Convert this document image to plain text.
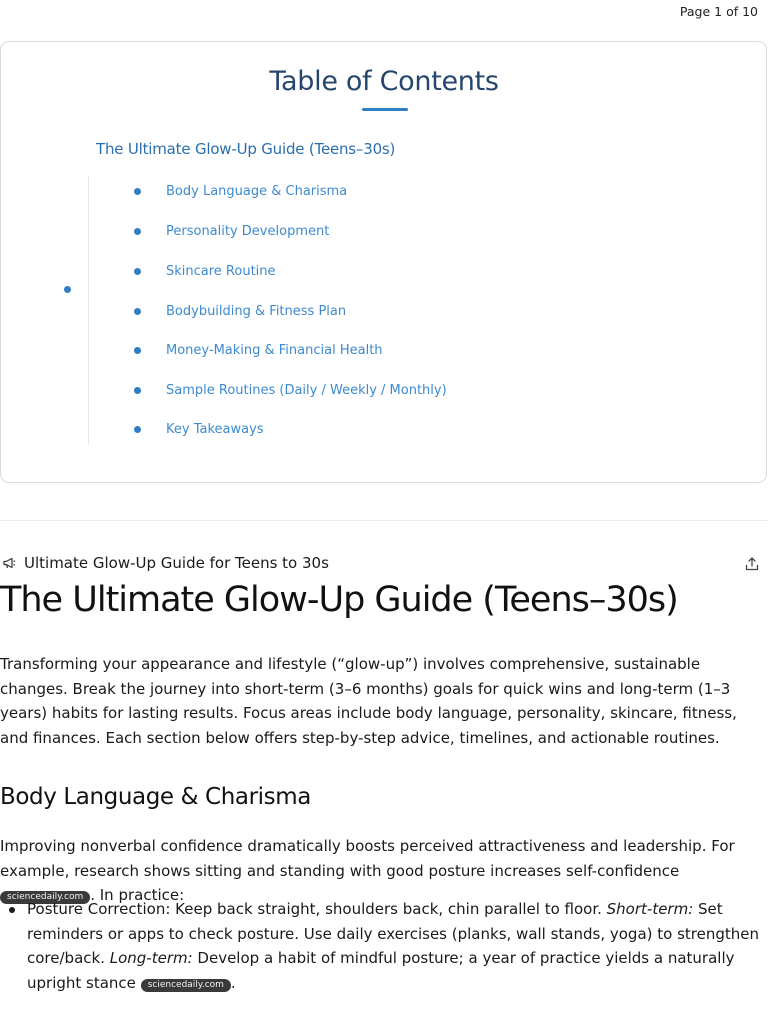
Page 1 of 10
Table of Contents
The Ultimate Glow-Up Guide (Teens–30s)
Body Language & Charisma
Personality Development
Skincare Routine
Bodybuilding & Fitness Plan
Money-Making & Financial Health
Sample Routines (Daily / Weekly / Monthly)
Key Takeaways
Ultimate Glow-Up Guide for Teens to 30s
The Ultimate Glow-Up Guide (Teens–30s)

Transforming your appearance and lifestyle (“glow-up”) involves comprehensive, sustainable changes. Break the journey into short-term (3–6 months) goals for quick wins and long-term (1–3 years) habits for lasting results. Focus areas include body language, personality, skincare, fitness, and finances. Each section below offers step-by-step advice, timelines, and actionable routines.

Body Language & Charisma

Improving nonverbal confidence dramatically boosts perceived attractiveness and leadership. For example, research shows sitting and standing with good posture increases self-confidence sciencedaily.com . In practice:

Posture Correction: Keep back straight, shoulders back, chin parallel to floor. Short-term: Set reminders or apps to check posture. Use daily exercises (planks, wall stands, yoga) to strengthen core/back. Long-term: Develop a habit of mindful posture; a year of practice yields a naturally upright stance sciencedaily.com .
